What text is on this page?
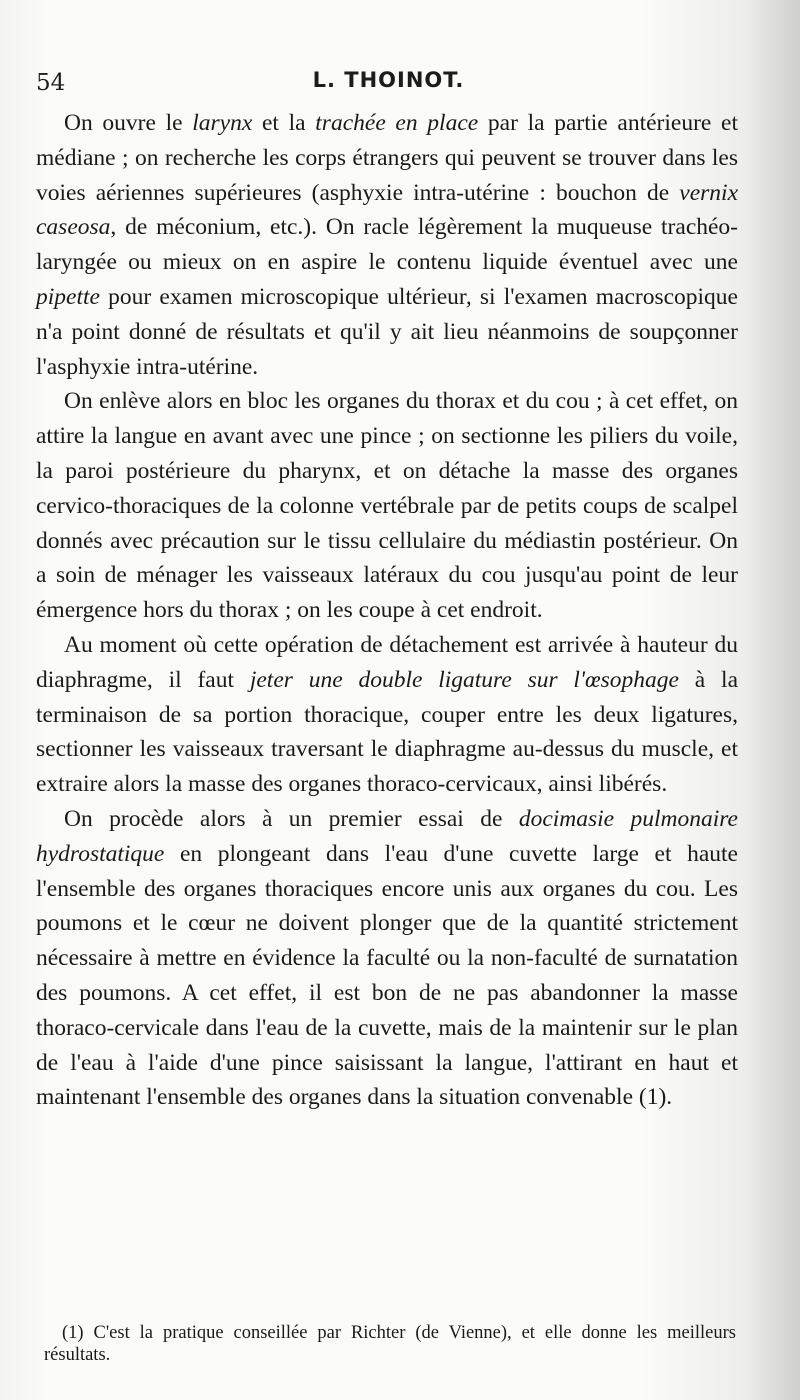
54	L. THOINOT.

On ouvre le larynx et la trachée en place par la partie antérieure et médiane ; on recherche les corps étrangers qui peuvent se trouver dans les voies aériennes supérieures (asphyxie intra-utérine : bouchon de vernix caseosa, de méconium, etc.). On racle légèrement la muqueuse trachéo-laryngée ou mieux on en aspire le contenu liquide éventuel avec une pipette pour examen microscopique ultérieur, si l'examen macroscopique n'a point donné de résultats et qu'il y ait lieu néanmoins de soupçonner l'asphyxie intra-utérine.

On enlève alors en bloc les organes du thorax et du cou ; à cet effet, on attire la langue en avant avec une pince ; on sectionne les piliers du voile, la paroi postérieure du pharynx, et on détache la masse des organes cervico-thoraciques de la colonne vertébrale par de petits coups de scalpel donnés avec précaution sur le tissu cellulaire du médiastin postérieur. On a soin de ménager les vaisseaux latéraux du cou jusqu'au point de leur émergence hors du thorax ; on les coupe à cet endroit.

Au moment où cette opération de détachement est arrivée à hauteur du diaphragme, il faut jeter une double ligature sur l'œsophage à la terminaison de sa portion thoracique, couper entre les deux ligatures, sectionner les vaisseaux traversant le diaphragme au-dessus du muscle, et extraire alors la masse des organes thoraco-cervicaux, ainsi libérés.

On procède alors à un premier essai de docimasie pulmonaire hydrostatique en plongeant dans l'eau d'une cuvette large et haute l'ensemble des organes thoraciques encore unis aux organes du cou. Les poumons et le cœur ne doivent plonger que de la quantité strictement nécessaire à mettre en évidence la faculté ou la non-faculté de surnatation des poumons. A cet effet, il est bon de ne pas abandonner la masse thoraco-cervicale dans l'eau de la cuvette, mais de la maintenir sur le plan de l'eau à l'aide d'une pince saisissant la langue, l'attirant en haut et maintenant l'ensemble des organes dans la situation convenable (1).

(1) C'est la pratique conseillée par Richter (de Vienne), et elle donne les meilleurs résultats.
